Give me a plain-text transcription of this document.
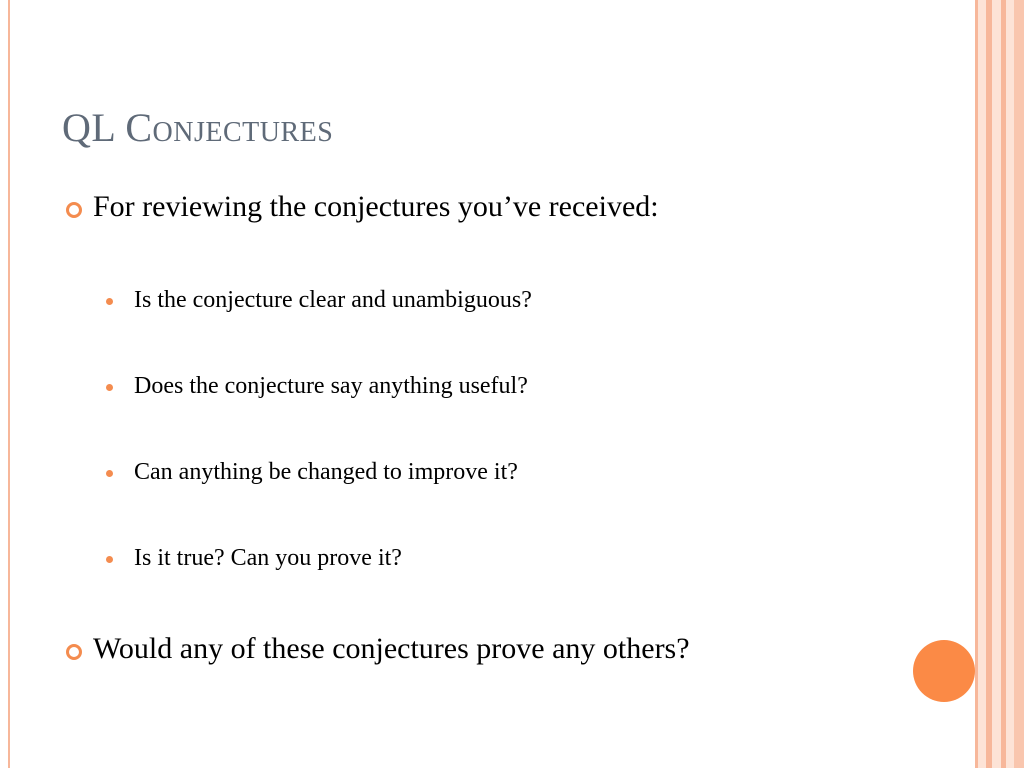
QL Conjectures
For reviewing the conjectures you’ve received:
Is the conjecture clear and unambiguous?
Does the conjecture say anything useful?
Can anything be changed to improve it?
Is it true? Can you prove it?
Would any of these conjectures prove any others?
